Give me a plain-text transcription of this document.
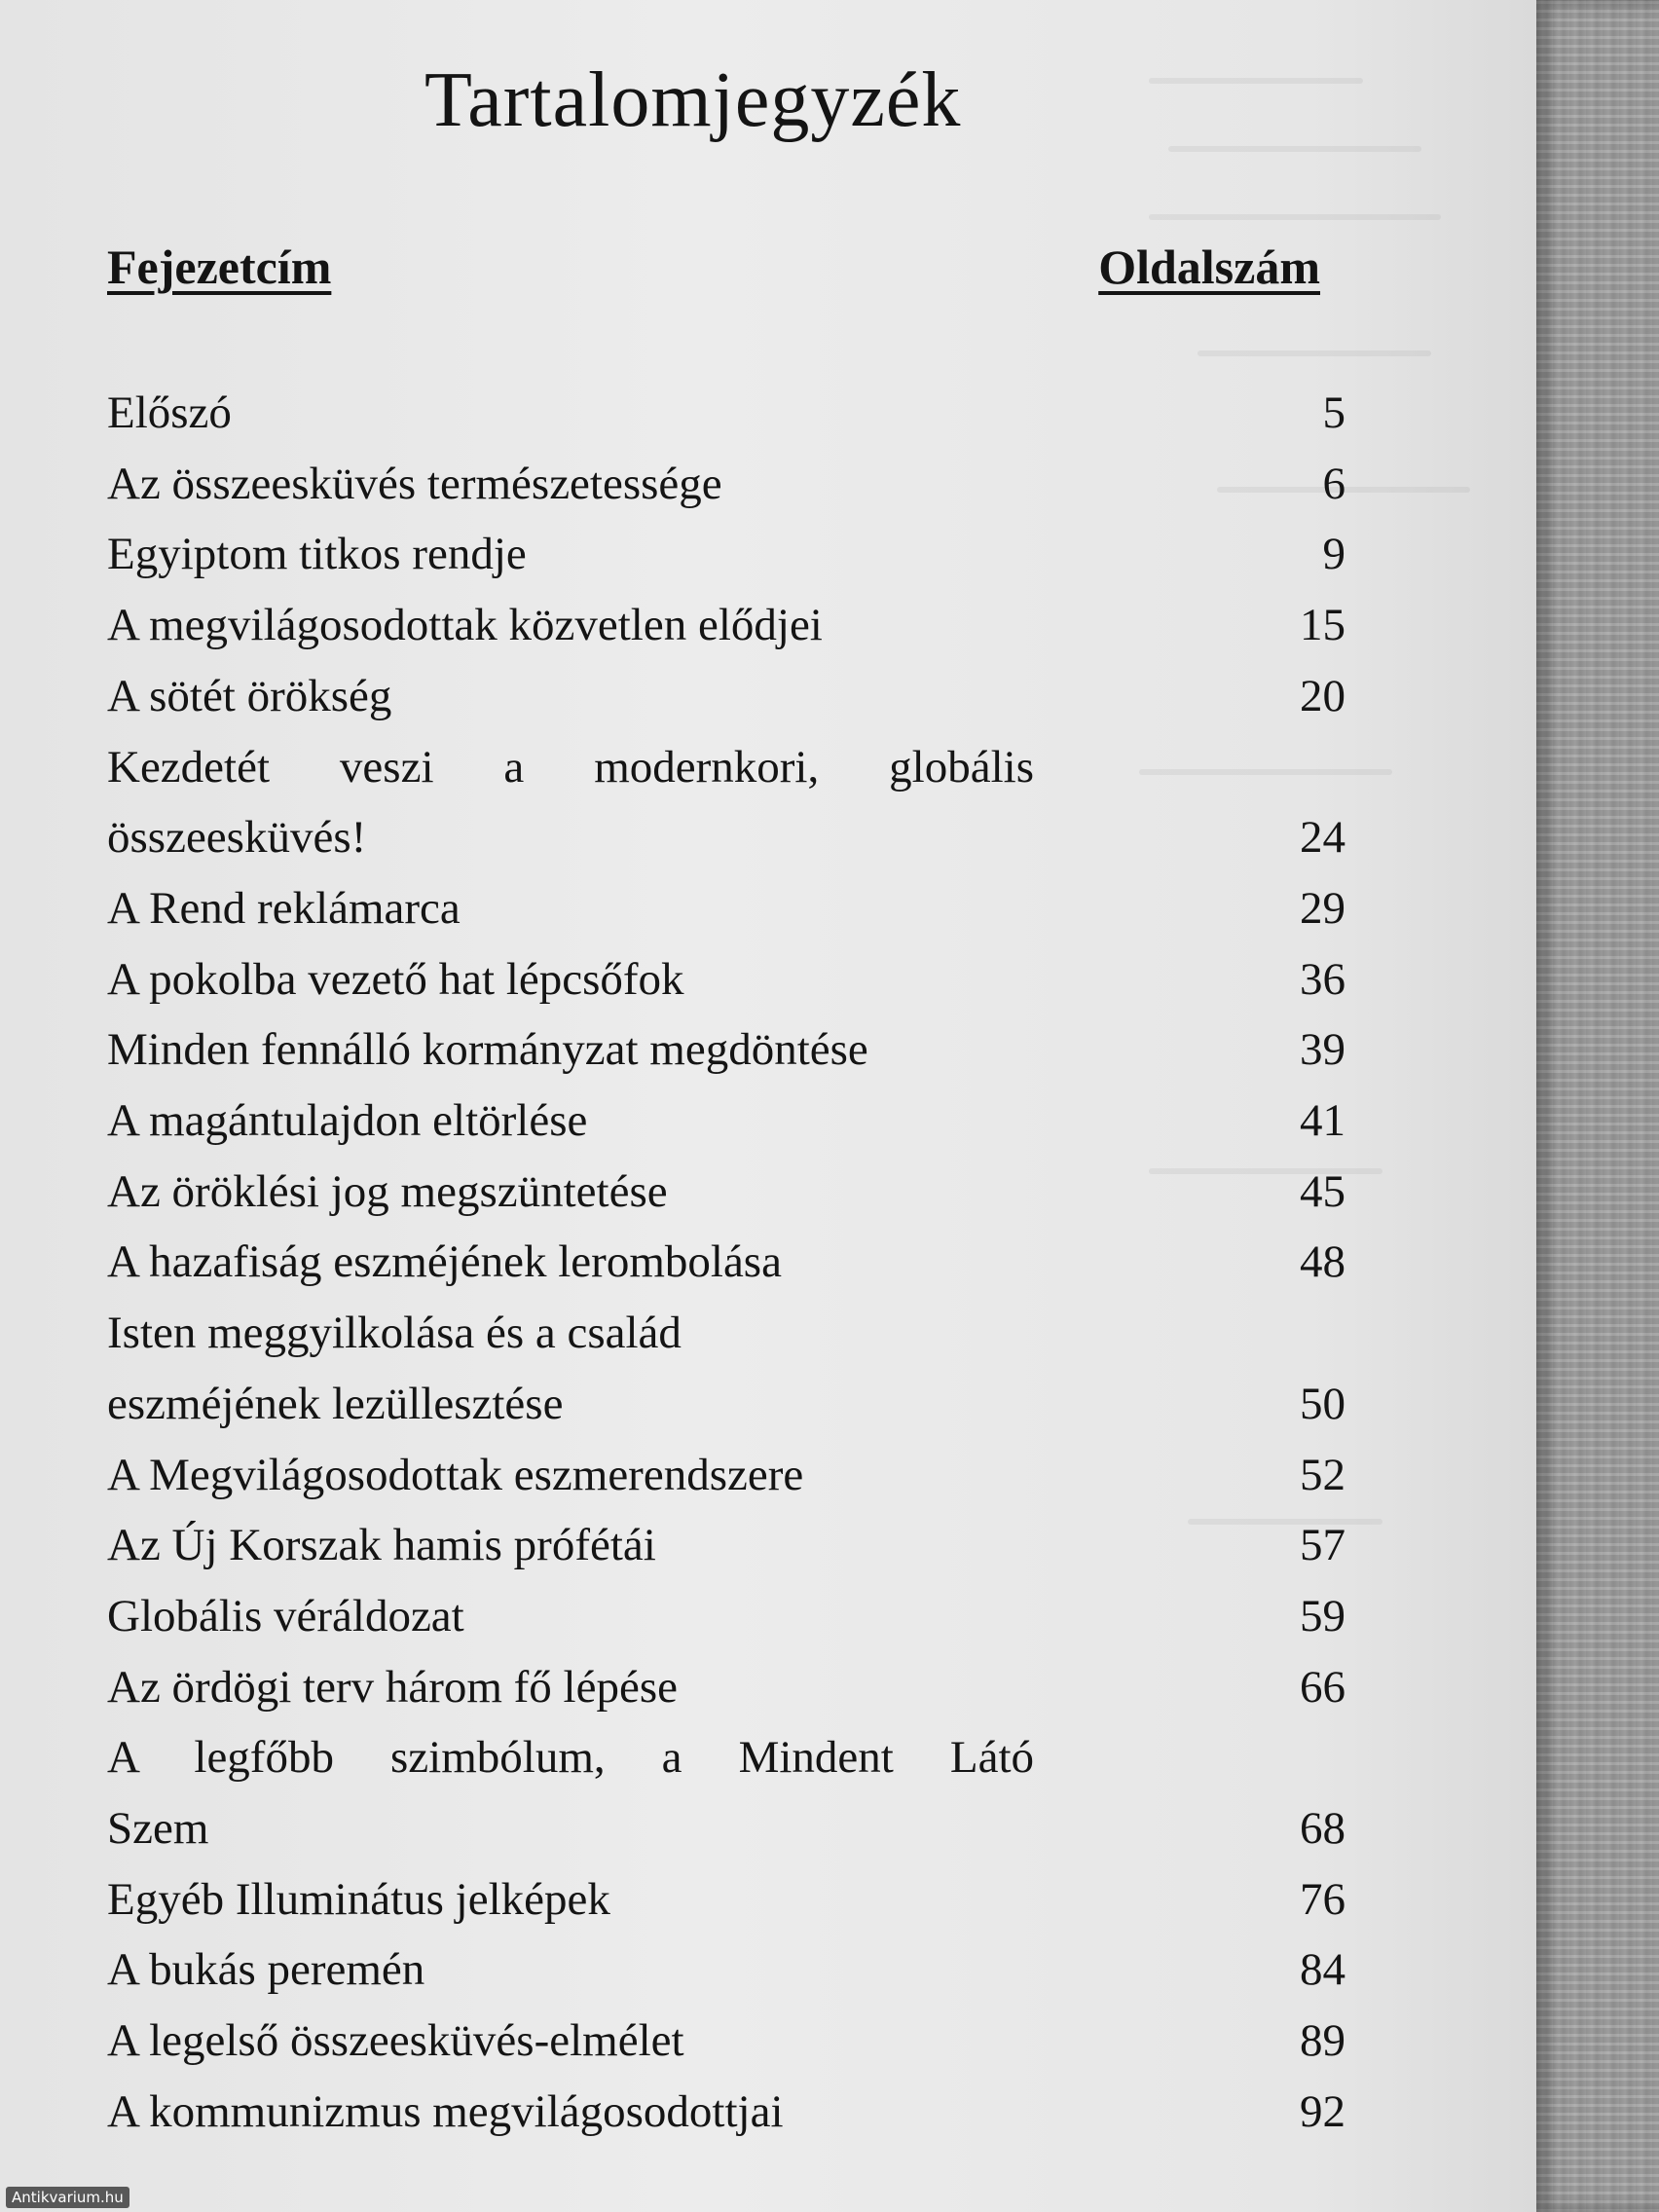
Tartalomjegyzék
Fejezetcím	Oldalszám
Előszó	5
Az összeesküvés természetessége	6
Egyiptom titkos rendje	9
A megvilágosodottak közvetlen elődjei	15
A sötét örökség	20
Kezdetét veszi a modernkori, globális
összeesküvés!	24
A Rend reklámarca	29
A pokolba vezető hat lépcsőfok	36
Minden fennálló kormányzat megdöntése	39
A magántulajdon eltörlése	41
Az öröklési jog megszüntetése	45
A hazafiság eszméjének lerombolása	48
Isten meggyilkolása és a család
eszméjének lezüllesztése	50
A Megvilágosodottak eszmerendszere	52
Az Új Korszak hamis prófétái	57
Globális véráldozat	59
Az ördögi terv három fő lépése	66
A legfőbb szimbólum, a Mindent Látó
Szem	68
Egyéb Illuminátus jelképek	76
A bukás peremén	84
A legelső összeesküvés-elmélet	89
A kommunizmus megvilágosodottjai	92
Antikvarium.hu
